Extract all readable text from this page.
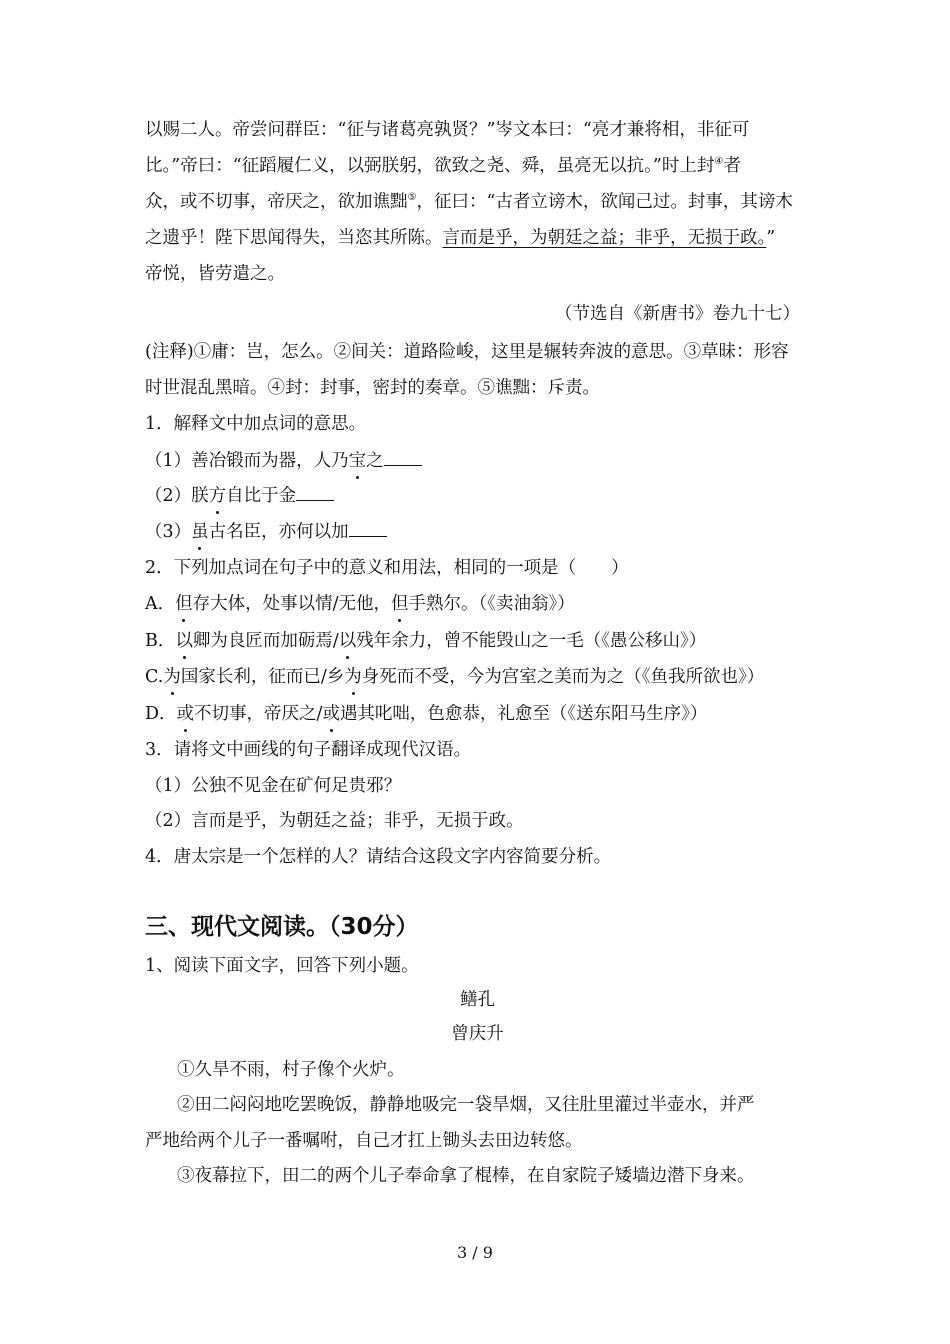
以赐二人。帝尝问群臣：“征与诸葛亮孰贤？”岑文本曰：“亮才兼将相，非征可
比。”帝曰：“征蹈履仁义，以弼朕躬，欲致之尧、舜，虽亮无以抗。”时上封④者
众，或不切事，帝厌之，欲加谯黜⑤，征曰：“古者立谤木，欲闻己过。封事，其谤木
之遗乎！陛下思闻得失，当恣其所陈。言而是乎，为朝廷之益；非乎，无损于政。”
帝悦，皆劳遣之。
（节选自《新唐书》卷九十七）
(注释)①庸：岂，怎么。②间关：道路险峻，这里是辗转奔波的意思。③草昧：形容
时世混乱黑暗。④封：封事，密封的奏章。⑤谯黜：斥责。
1．解释文中加点词的意思。
（1）善冶锻而为器，人乃宝之
（2）朕方自比于金
（3）虽古名臣，亦何以加
2．下列加点词在句子中的意义和用法，相同的一项是（　　）
A．但存大体，处事以情/无他，但手熟尔。（《卖油翁》）
B．以卿为良匠而加砺焉/以残年余力，曾不能毁山之一毛（《愚公移山》）
C.为国家长利，征而已/乡为身死而不受，今为宫室之美而为之（《鱼我所欲也》）
D．或不切事，帝厌之/或遇其叱咄，色愈恭，礼愈至（《送东阳马生序》）
3．请将文中画线的句子翻译成现代汉语。
（1）公独不见金在矿何足贵邪？
（2）言而是乎，为朝廷之益；非乎，无损于政。
4．唐太宗是一个怎样的人？请结合这段文字内容简要分析。
三、现代文阅读。（30分）
1、阅读下面文字，回答下列小题。
鳝孔
曾庆升
①久旱不雨，村子像个火炉。
②田二闷闷地吃罢晚饭，静静地吸完一袋旱烟，又往肚里灌过半壶水，并严
严地给两个儿子一番嘱咐，自己才扛上锄头去田边转悠。
③夜幕拉下，田二的两个儿子奉命拿了棍棒，在自家院子矮墙边潜下身来。
3 / 9
